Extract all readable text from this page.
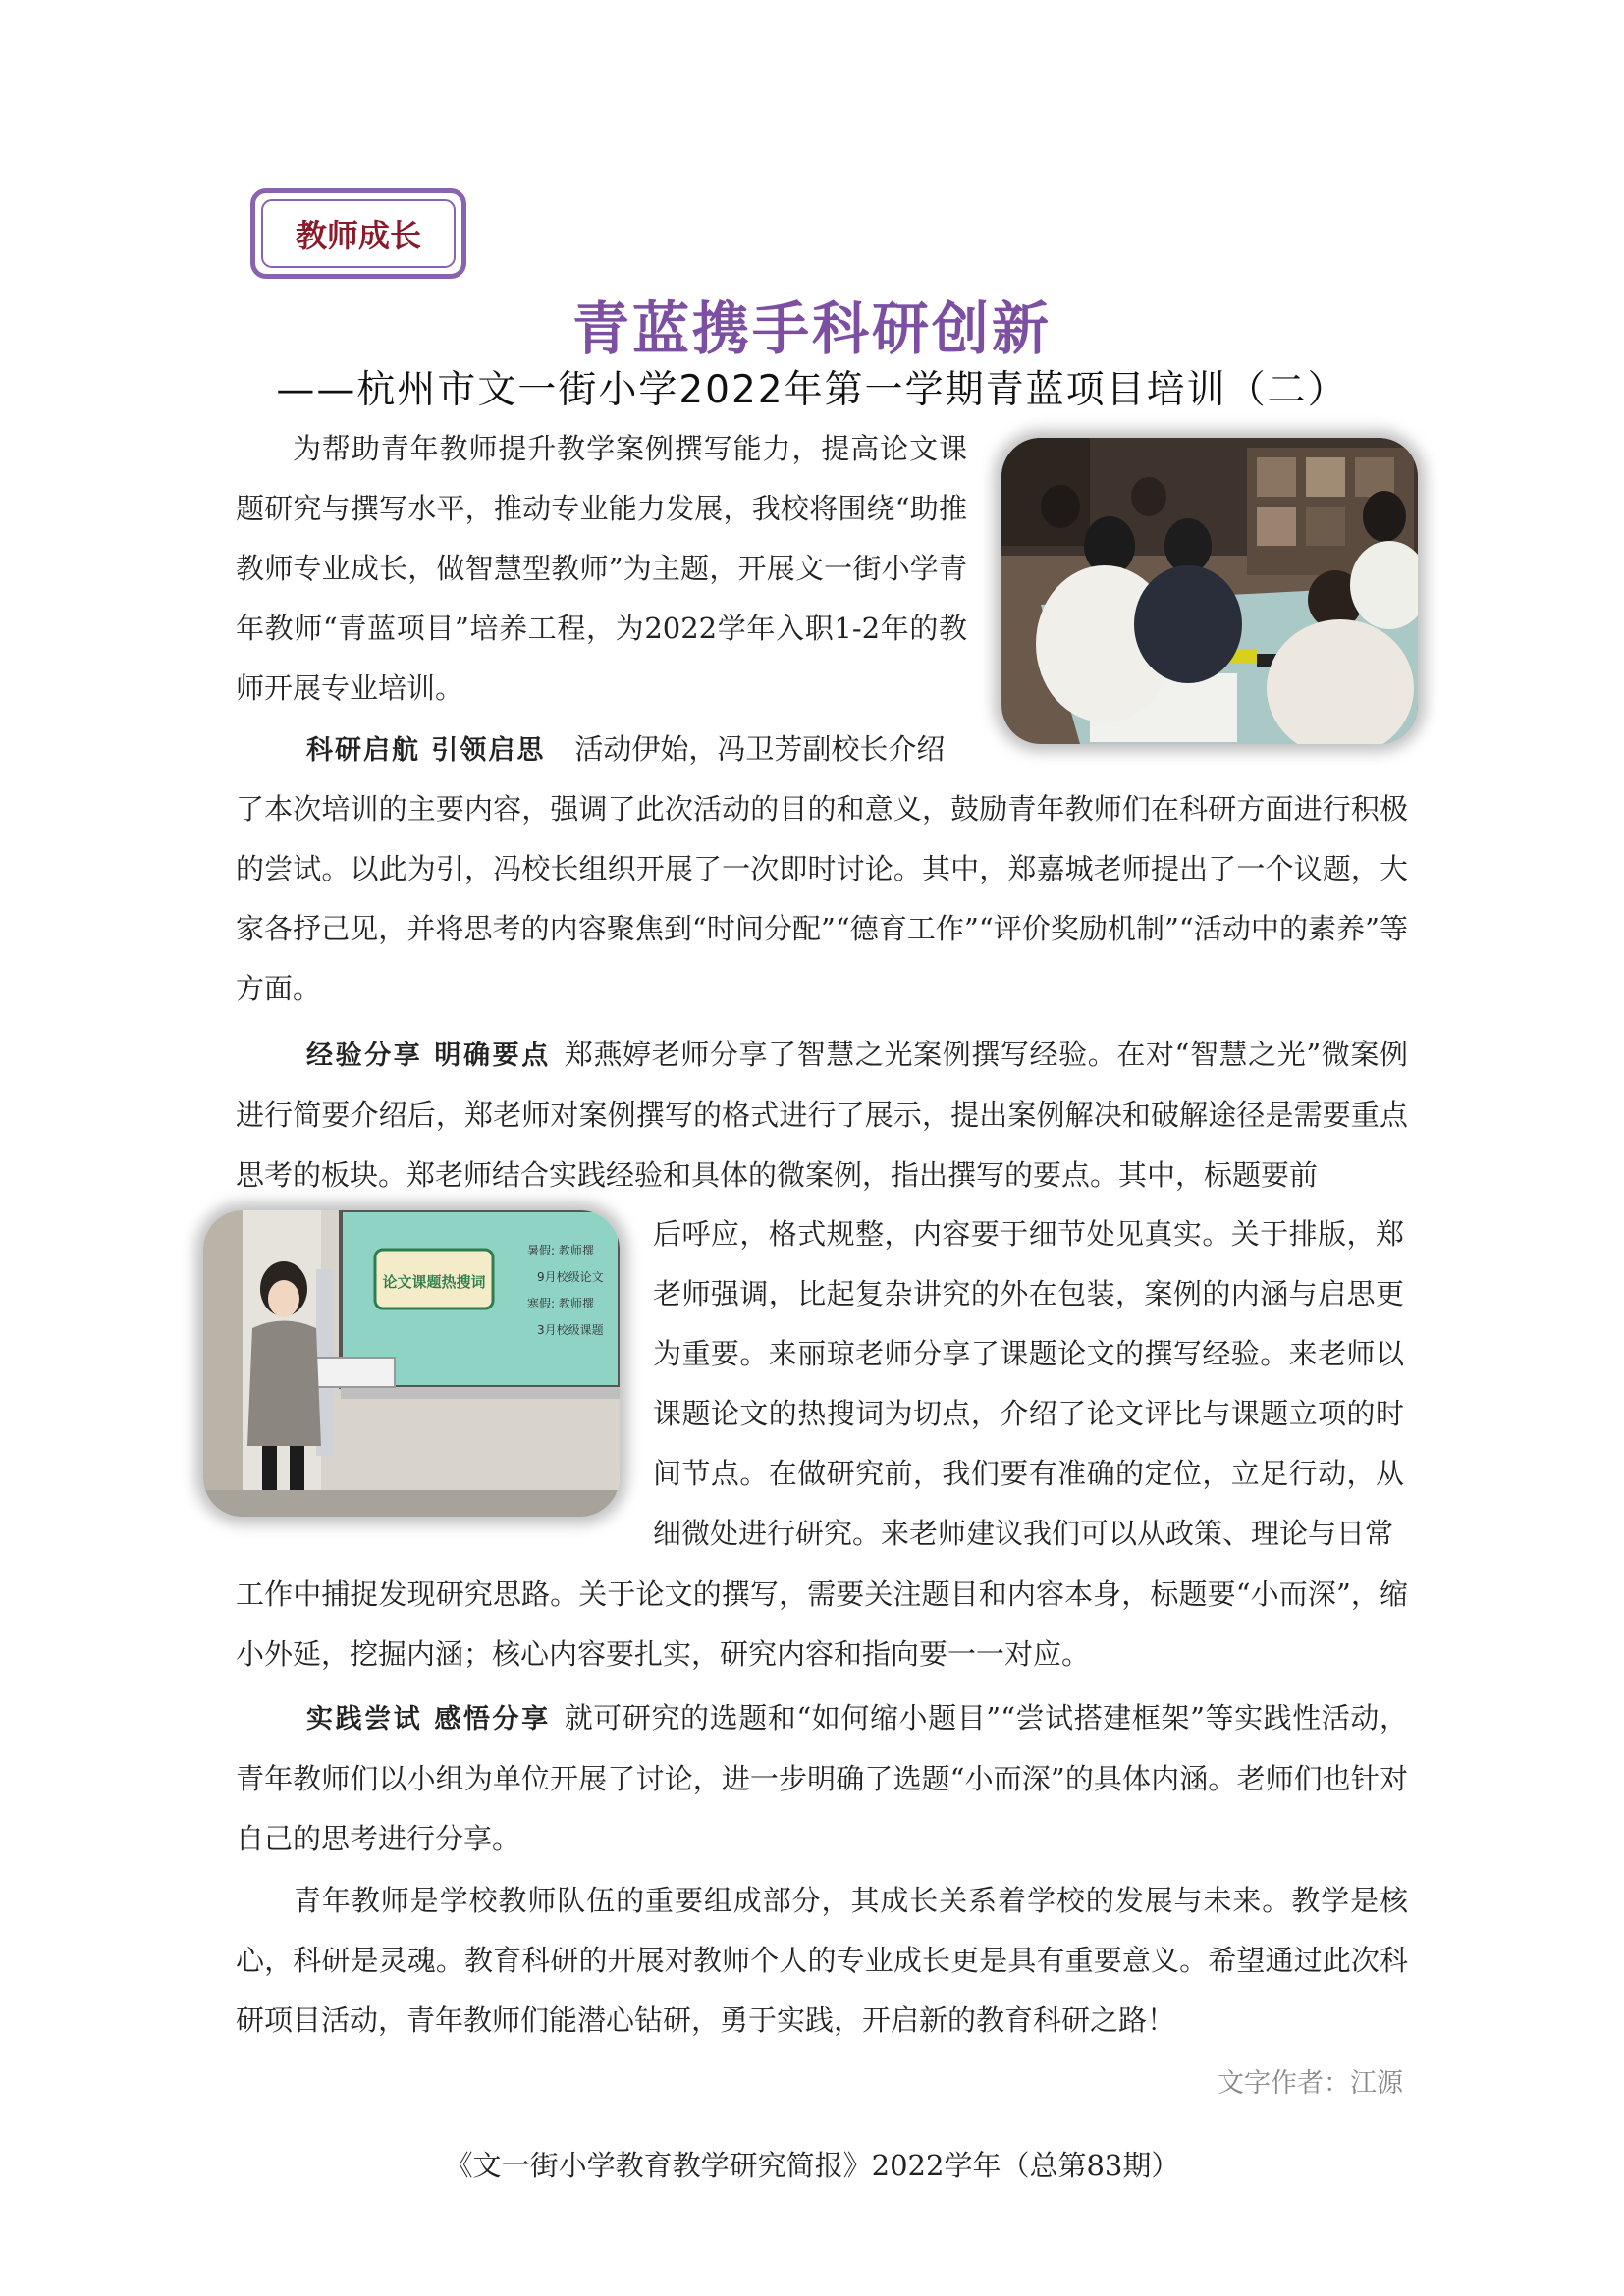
教师成长
青蓝携手科研创新
——杭州市文一街小学2022年第一学期青蓝项目培训（二）
为帮助青年教师提升教学案例撰写能力，提高论文课题研究与撰写水平，推动专业能力发展，我校将围绕“助推教师专业成长，做智慧型教师”为主题，开展文一街小学青年教师“青蓝项目”培养工程，为2022学年入职1-2年的教师开展专业培训。
科研启航 引领启思 活动伊始，冯卫芳副校长介绍
了本次培训的主要内容，强调了此次活动的目的和意义，鼓励青年教师们在科研方面进行积极的尝试。以此为引，冯校长组织开展了一次即时讨论。其中，郑嘉城老师提出了一个议题，大家各抒己见，并将思考的内容聚焦到“时间分配”“德育工作”“评价奖励机制”“活动中的素养”等方面。
经验分享 明确要点 郑燕婷老师分享了智慧之光案例撰写经验。在对“智慧之光”微案例进行简要介绍后，郑老师对案例撰写的格式进行了展示，提出案例解决和破解途径是需要重点思考的板块。郑老师结合实践经验和具体的微案例，指出撰写的要点。其中，标题要前
论文课题热搜词
暑假: 教师撰
9月校级论文
寒假: 教师撰
3月校级课题
后呼应，格式规整，内容要于细节处见真实。关于排版，郑老师强调，比起复杂讲究的外在包装，案例的内涵与启思更为重要。来丽琼老师分享了课题论文的撰写经验。来老师以课题论文的热搜词为切点，介绍了论文评比与课题立项的时间节点。在做研究前，我们要有准确的定位，立足行动，从细微处进行研究。来老师建议我们可以从政策、理论与日常
工作中捕捉发现研究思路。关于论文的撰写，需要关注题目和内容本身，标题要“小而深”，缩小外延，挖掘内涵；核心内容要扎实，研究内容和指向要一一对应。
实践尝试 感悟分享 就可研究的选题和“如何缩小题目”“尝试搭建框架”等实践性活动，青年教师们以小组为单位开展了讨论，进一步明确了选题“小而深”的具体内涵。老师们也针对自己的思考进行分享。
青年教师是学校教师队伍的重要组成部分，其成长关系着学校的发展与未来。教学是核心，科研是灵魂。教育科研的开展对教师个人的专业成长更是具有重要意义。希望通过此次科研项目活动，青年教师们能潜心钻研，勇于实践，开启新的教育科研之路！
文字作者：江源
《文一街小学教育教学研究简报》2022学年（总第83期）
